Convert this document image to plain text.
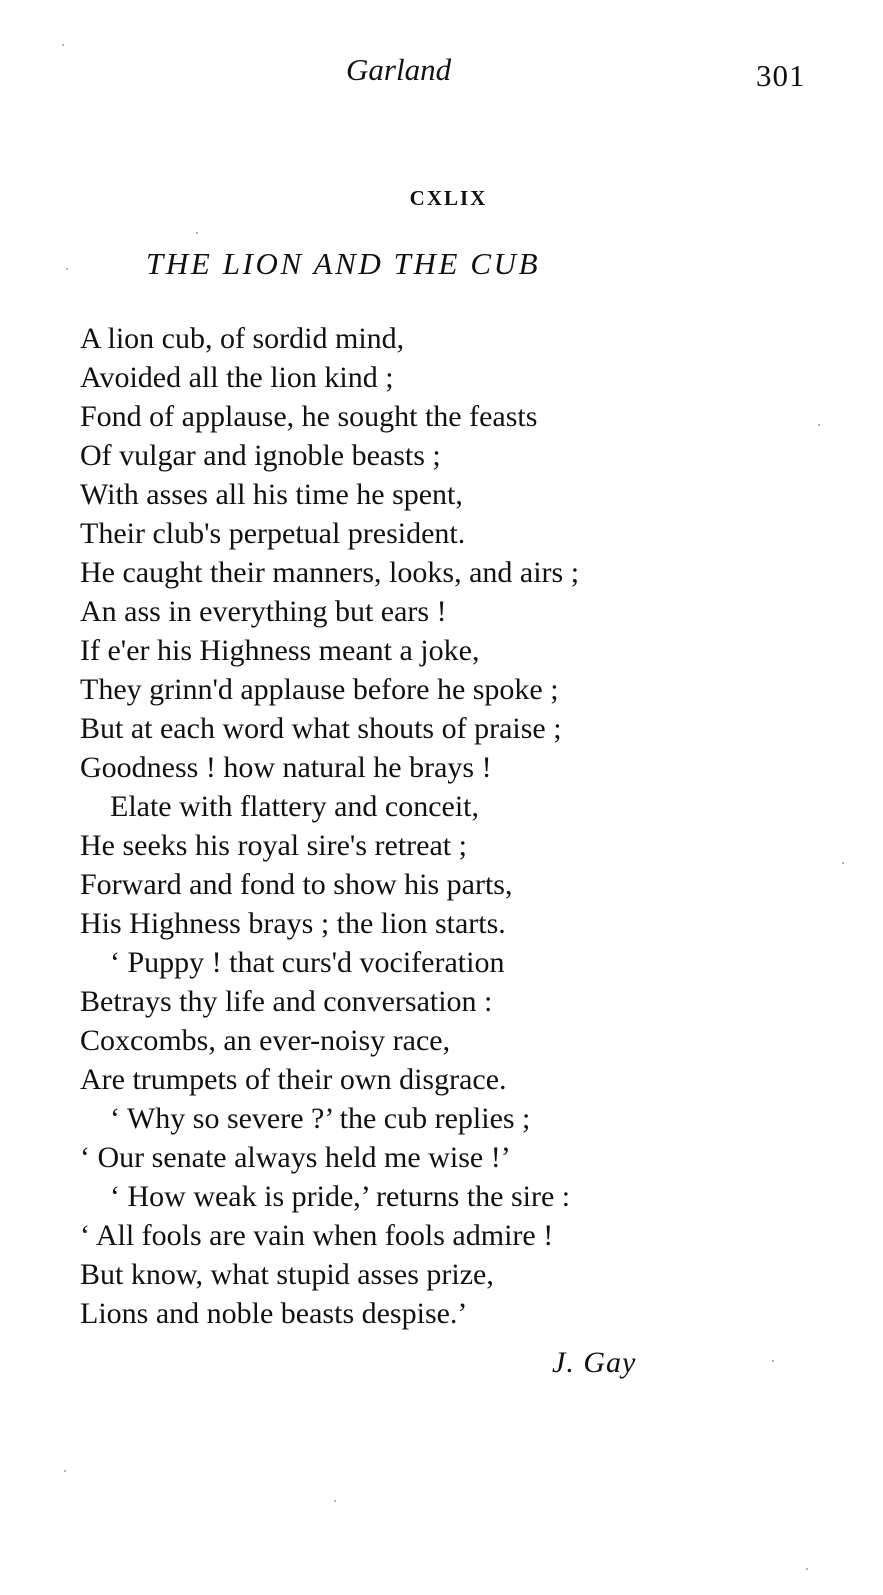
Garland	301
CXLIX
THE LION AND THE CUB
A lion cub, of sordid mind,
Avoided all the lion kind ;
Fond of applause, he sought the feasts
Of vulgar and ignoble beasts ;
With asses all his time he spent,
Their club's perpetual president.
He caught their manners, looks, and airs ;
An ass in everything but ears !
If e'er his Highness meant a joke,
They grinn'd applause before he spoke ;
But at each word what shouts of praise ;
Goodness ! how natural he brays !
Elate with flattery and conceit,
He seeks his royal sire's retreat ;
Forward and fond to show his parts,
His Highness brays ; the lion starts.
‘ Puppy ! that curs'd vociferation
Betrays thy life and conversation :
Coxcombs, an ever-noisy race,
Are trumpets of their own disgrace.
‘ Why so severe ?’ the cub replies ;
‘ Our senate always held me wise !’
‘ How weak is pride,’ returns the sire :
‘ All fools are vain when fools admire !
But know, what stupid asses prize,
Lions and noble beasts despise.’
J. Gay
